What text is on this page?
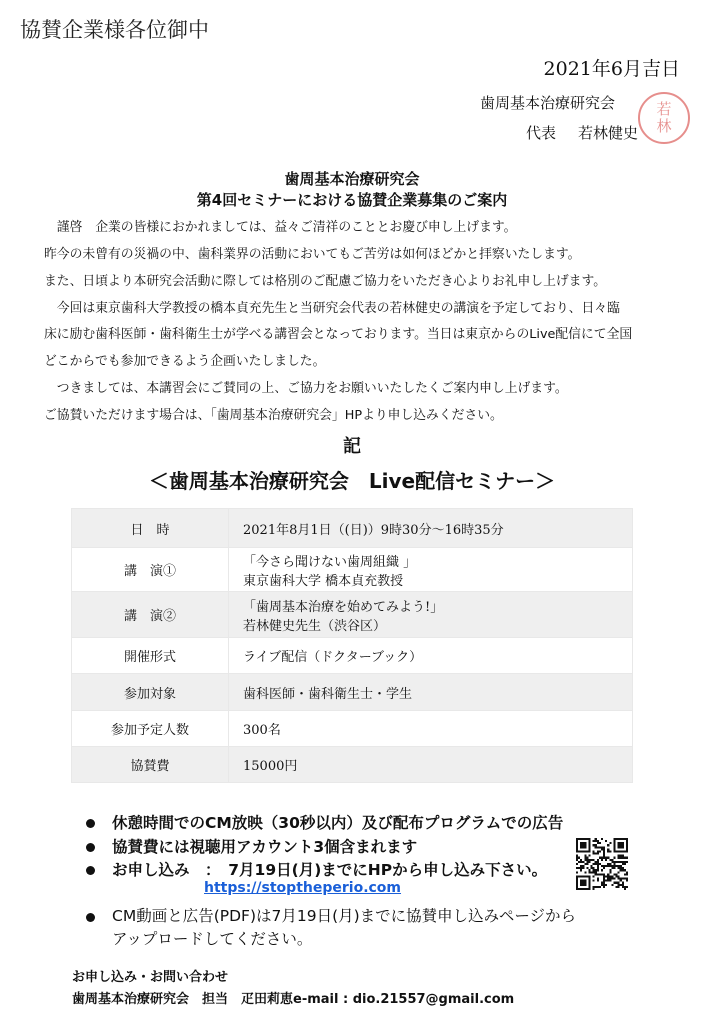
協賛企業様各位御中
2021年6月吉日
歯周基本治療研究会
代表 若林健史
若
林
歯周基本治療研究会
第4回セミナーにおける協賛企業募集のご案内
　謹啓　企業の皆様におかれましては、益々ご清祥のこととお慶び申し上げます。
昨今の未曾有の災禍の中、歯科業界の活動においてもご苦労は如何ほどかと拝察いたします。
また、日頃より本研究会活動に際しては格別のご配慮ご協力をいただき心よりお礼申し上げます。
　今回は東京歯科大学教授の橋本貞充先生と当研究会代表の若林健史の講演を予定しており、日々臨
床に励む歯科医師・歯科衛生士が学べる講習会となっております。当日は東京からのLive配信にて全国
どこからでも参加できるよう企画いたしました。
　つきましては、本講習会にご賛同の上、ご協力をお願いいたしたくご案内申し上げます。
ご協賛いただけます場合は、「歯周基本治療研究会」HPより申し込みください。
記
＜歯周基本治療研究会　Live配信セミナー＞
日　時	2021年8月1日（(日)）9時30分～16時35分

講　演①	「今さら聞けない歯周組織 」
東京歯科大学 橋本貞充教授

講　演②	「歯周基本治療を始めてみよう!」
若林健史先生（渋谷区）

開催形式	ライブ配信（ドクターブック）

参加対象	歯科医師・歯科衛生士・学生

参加予定人数	300名

協賛費	15000円
休憩時間でのCM放映（30秒以内）及び配布プログラムでの広告
協賛費には視聴用アカウント3個含まれます
お申し込み　：　7月19日(月)までにHPから申し込み下さい。
https://stoptheperio.com
CM動画と広告(PDF)は7月19日(月)までに協賛申し込みページから
アップロードしてください。
お申し込み・お問い合わせ
歯周基本治療研究会　担当　疋田莉恵e-mail : dio.21557@gmail.com
